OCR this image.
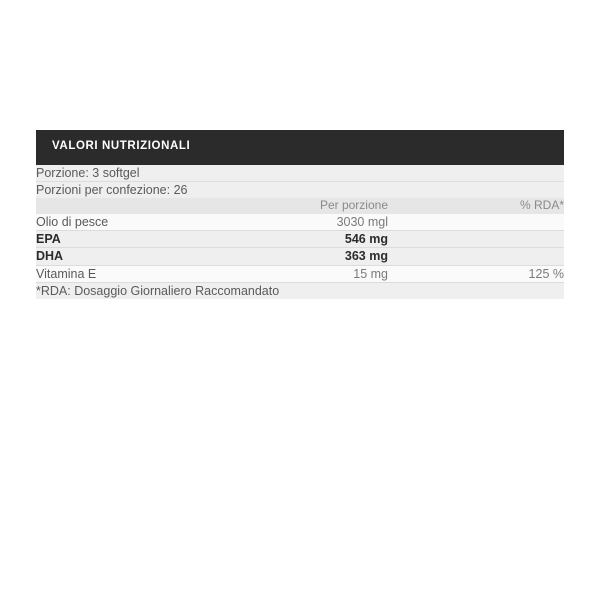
VALORI NUTRIZIONALI		
Porzione: 3 softgel		

Porzioni per confezione: 26		
	Per porzione	% RDA*
Olio di pesce	3030 mgl	

EPA	546 mg	

DHA	363 mg	

Vitamina E	15 mg	125 %

*RDA: Dosaggio Giornaliero Raccomandato		
